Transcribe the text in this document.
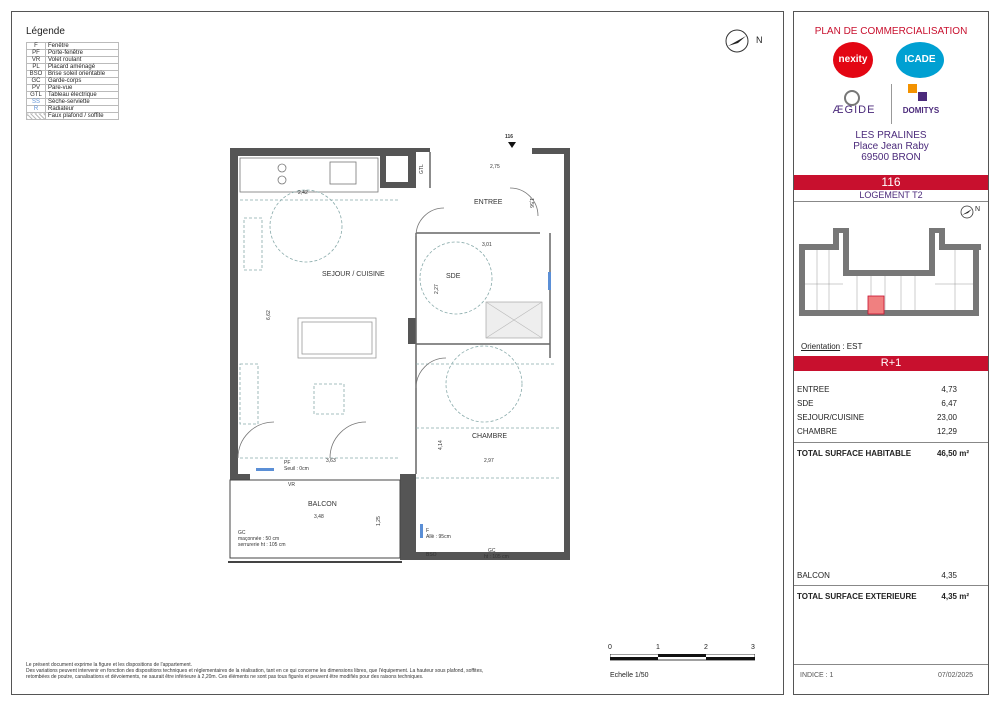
Légende
F	Fenêtre
PF	Porte-fenêtre
VR	Volet roulant
PL	Placard aménagé
BSO	Brise soleil orientable
GC	Garde-corps
PV	Pare-vue
GTL	Tableau électrique
SS	Sèche-serviette
R	Radiateur
	Faux plafond / soffite
N
116
ENTREE
SDE
SEJOUR / CUISINE
CHAMBRE
BALCON
2,75
1,56
2,42
3,01
2,27
6,62
4,14
3,63	2,97
3,48	1,25
GTL
PF
Seuil : 0cm
VR
GC
maçonnée : 50 cm
serrurerie ht : 105 cm
F
Allè : 95cm
BSO
GC
ht : 105 cm
Le présent document exprime la figure et les dispositions de l'appartement.
Des variations peuvent intervenir en fonction des dispositions techniques et réglementaires de la réalisation, tant en ce qui concerne les dimensions libres, que l'équipement. La hauteur sous plafond, soffites,
retombées de poutre, canalisations et dévoiements, ne saurait être inférieure à 2,20m. Ces éléments ne sont pas tous figurés et peuvent être modifiés pour des raisons techniques.
0	1	2	3
Echelle 1/50
PLAN DE COMMERCIALISATION
nexity	ICADE
ÆGIDE	DOMITYS
LES PRALINES
Place Jean Raby
69500 BRON
116
LOGEMENT T2
N
Orientation : EST
R+1
ENTREE	4,73
SDE	6,47
SEJOUR/CUISINE	23,00
CHAMBRE	12,29
TOTAL SURFACE HABITABLE	46,50 m²
BALCON	4,35
TOTAL SURFACE EXTERIEURE	4,35 m²
INDICE : 1	07/02/2025
